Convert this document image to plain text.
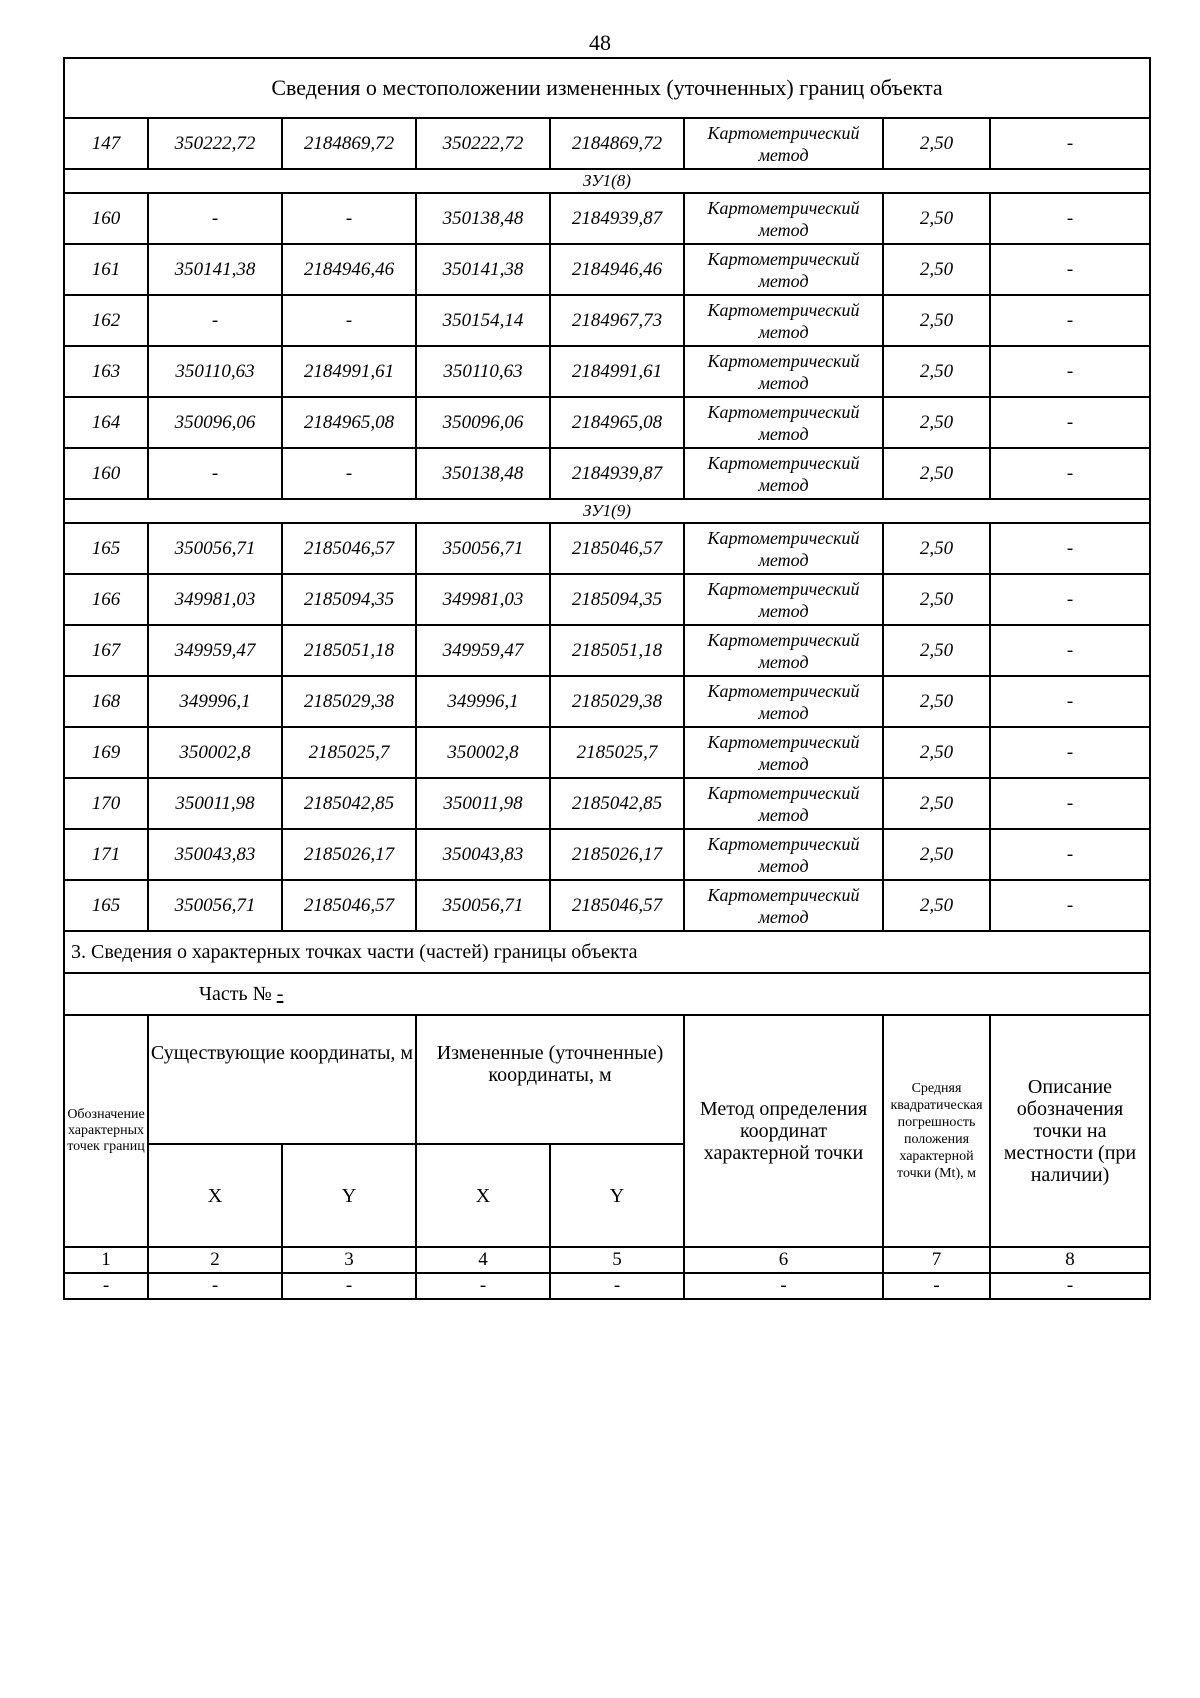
48
Сведения о местоположении измененных (уточненных) границ объекта							
147	350222,72	2184869,72	350222,72	2184869,72	Картометрический метод	2,50	-
ЗУ1(8)							
160	-	-	350138,48	2184939,87	Картометрический метод	2,50	-
161	350141,38	2184946,46	350141,38	2184946,46	Картометрический метод	2,50	-
162	-	-	350154,14	2184967,73	Картометрический метод	2,50	-
163	350110,63	2184991,61	350110,63	2184991,61	Картометрический метод	2,50	-
164	350096,06	2184965,08	350096,06	2184965,08	Картометрический метод	2,50	-
160	-	-	350138,48	2184939,87	Картометрический метод	2,50	-
ЗУ1(9)							
165	350056,71	2185046,57	350056,71	2185046,57	Картометрический метод	2,50	-
166	349981,03	2185094,35	349981,03	2185094,35	Картометрический метод	2,50	-
167	349959,47	2185051,18	349959,47	2185051,18	Картометрический метод	2,50	-
168	349996,1	2185029,38	349996,1	2185029,38	Картометрический метод	2,50	-
169	350002,8	2185025,7	350002,8	2185025,7	Картометрический метод	2,50	-
170	350011,98	2185042,85	350011,98	2185042,85	Картометрический метод	2,50	-
171	350043,83	2185026,17	350043,83	2185026,17	Картометрический метод	2,50	-
165	350056,71	2185046,57	350056,71	2185046,57	Картометрический метод	2,50	-
3. Сведения о характерных точках части (частей) границы объекта							
Часть № -							
Обозначение характерных точек границ	Существующие координаты, м		Измененные (уточненные) координаты, м		Метод определения координат характерной точки	Средняя квадратическая погрешность положения характерной точки (Mt), м	Описание обозначения точки на местности (при наличии)
	X	Y	X	Y			
1	2	3	4	5	6	7	8
-	-	-	-	-	-	-	-
